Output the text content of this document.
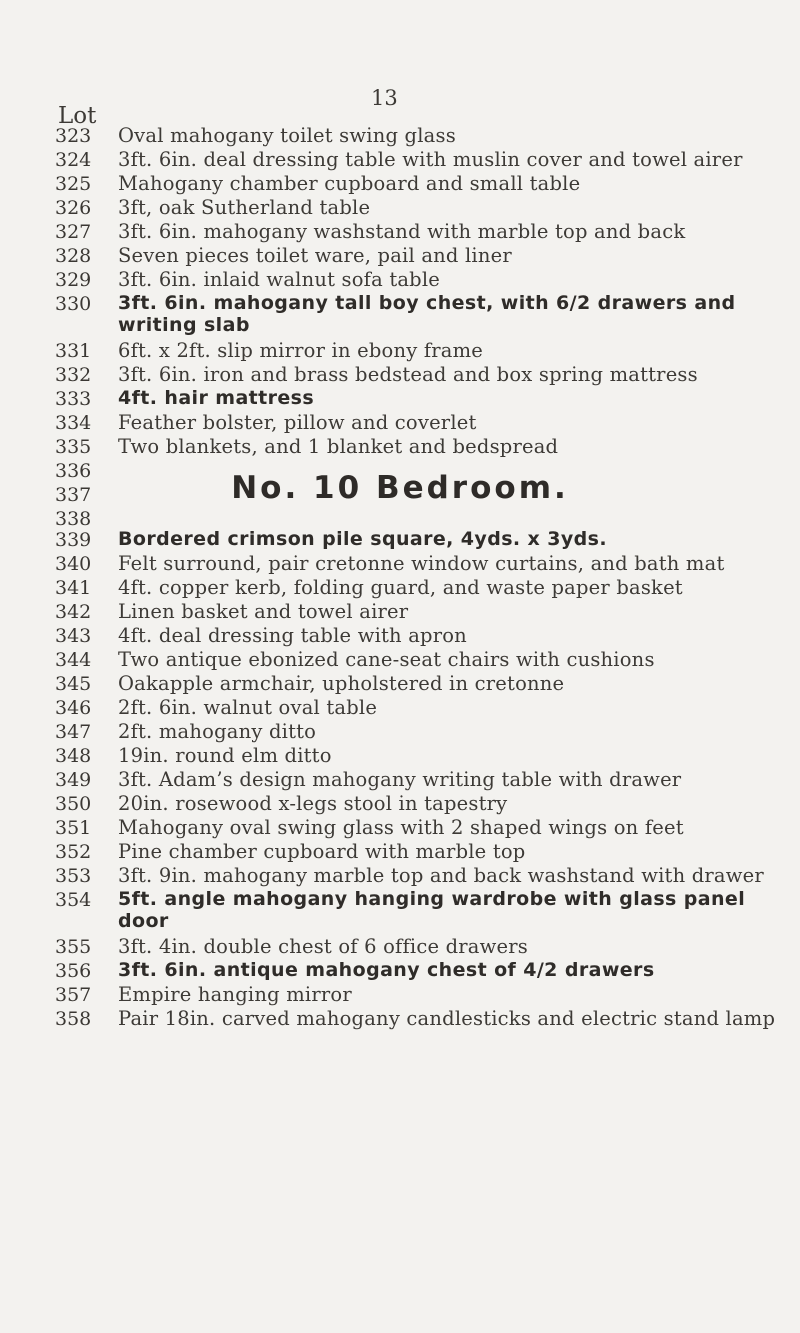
13
Lot
323	Oval mahogany toilet swing glass
324	3ft. 6in. deal dressing table with muslin cover and towel airer
325	Mahogany chamber cupboard and small table
326	3ft, oak Sutherland table
327	3ft. 6in. mahogany washstand with marble top and back
328	Seven pieces toilet ware, pail and liner
329	3ft. 6in. inlaid walnut sofa table
330	3ft. 6in. mahogany tall boy chest, with 6/2 drawers and writing slab
331	6ft. x 2ft. slip mirror in ebony frame
332	3ft. 6in. iron and brass bedstead and box spring mattress
333	4ft. hair mattress
334	Feather bolster, pillow and coverlet
335	Two blankets, and 1 blanket and bedspread
336
337
338
No. 10 Bedroom.
339	Bordered crimson pile square, 4yds. x 3yds.
340	Felt surround, pair cretonne window curtains, and bath mat
341	4ft. copper kerb, folding guard, and waste paper basket
342	Linen basket and towel airer
343	4ft. deal dressing table with apron
344	Two antique ebonized cane-seat chairs with cushions
345	Oakapple armchair, upholstered in cretonne
346	2ft. 6in. walnut oval table
347	2ft. mahogany ditto
348	19in. round elm ditto
349	3ft. Adam’s design mahogany writing table with drawer
350	20in. rosewood x-legs stool in tapestry
351	Mahogany oval swing glass with 2 shaped wings on feet
352	Pine chamber cupboard with marble top
353	3ft. 9in. mahogany marble top and back washstand with drawer
354	5ft. angle mahogany hanging wardrobe with glass panel door
355	3ft. 4in. double chest of 6 office drawers
356	3ft. 6in. antique mahogany chest of 4/2 drawers
357	Empire hanging mirror
358	Pair 18in. carved mahogany candlesticks and electric stand lamp
